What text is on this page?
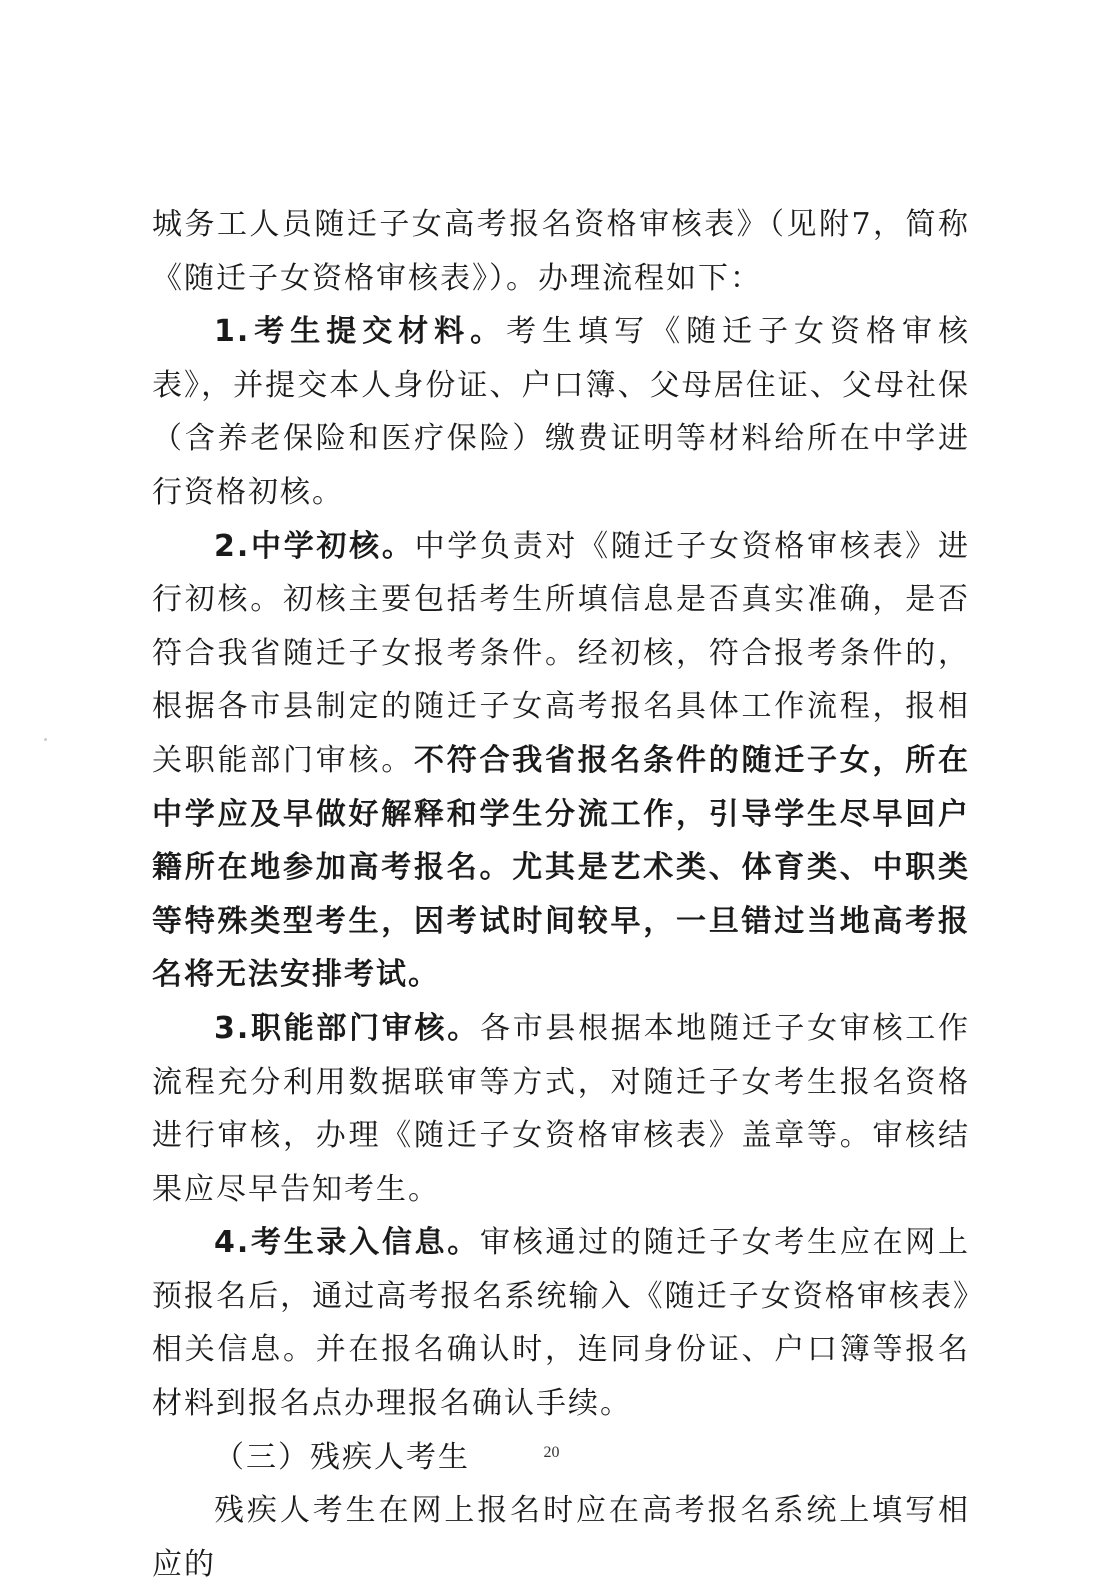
城务工人员随迁子女高考报名资格审核表》（见附7，简称《随迁子女资格审核表》）。办理流程如下：

1.考生提交材料。考生填写《随迁子女资格审核表》，并提交本人身份证、户口簿、父母居住证、父母社保（含养老保险和医疗保险）缴费证明等材料给所在中学进行资格初核。

2.中学初核。中学负责对《随迁子女资格审核表》进行初核。初核主要包括考生所填信息是否真实准确，是否符合我省随迁子女报考条件。经初核，符合报考条件的，根据各市县制定的随迁子女高考报名具体工作流程，报相关职能部门审核。不符合我省报名条件的随迁子女，所在中学应及早做好解释和学生分流工作，引导学生尽早回户籍所在地参加高考报名。尤其是艺术类、体育类、中职类等特殊类型考生，因考试时间较早，一旦错过当地高考报名将无法安排考试。

3.职能部门审核。各市县根据本地随迁子女审核工作流程充分利用数据联审等方式，对随迁子女考生报名资格进行审核，办理《随迁子女资格审核表》盖章等。审核结果应尽早告知考生。

4.考生录入信息。审核通过的随迁子女考生应在网上预报名后，通过高考报名系统输入《随迁子女资格审核表》相关信息。并在报名确认时，连同身份证、户口簿等报名材料到报名点办理报名确认手续。

（三）残疾人考生

残疾人考生在网上报名时应在高考报名系统上填写相应的

20
